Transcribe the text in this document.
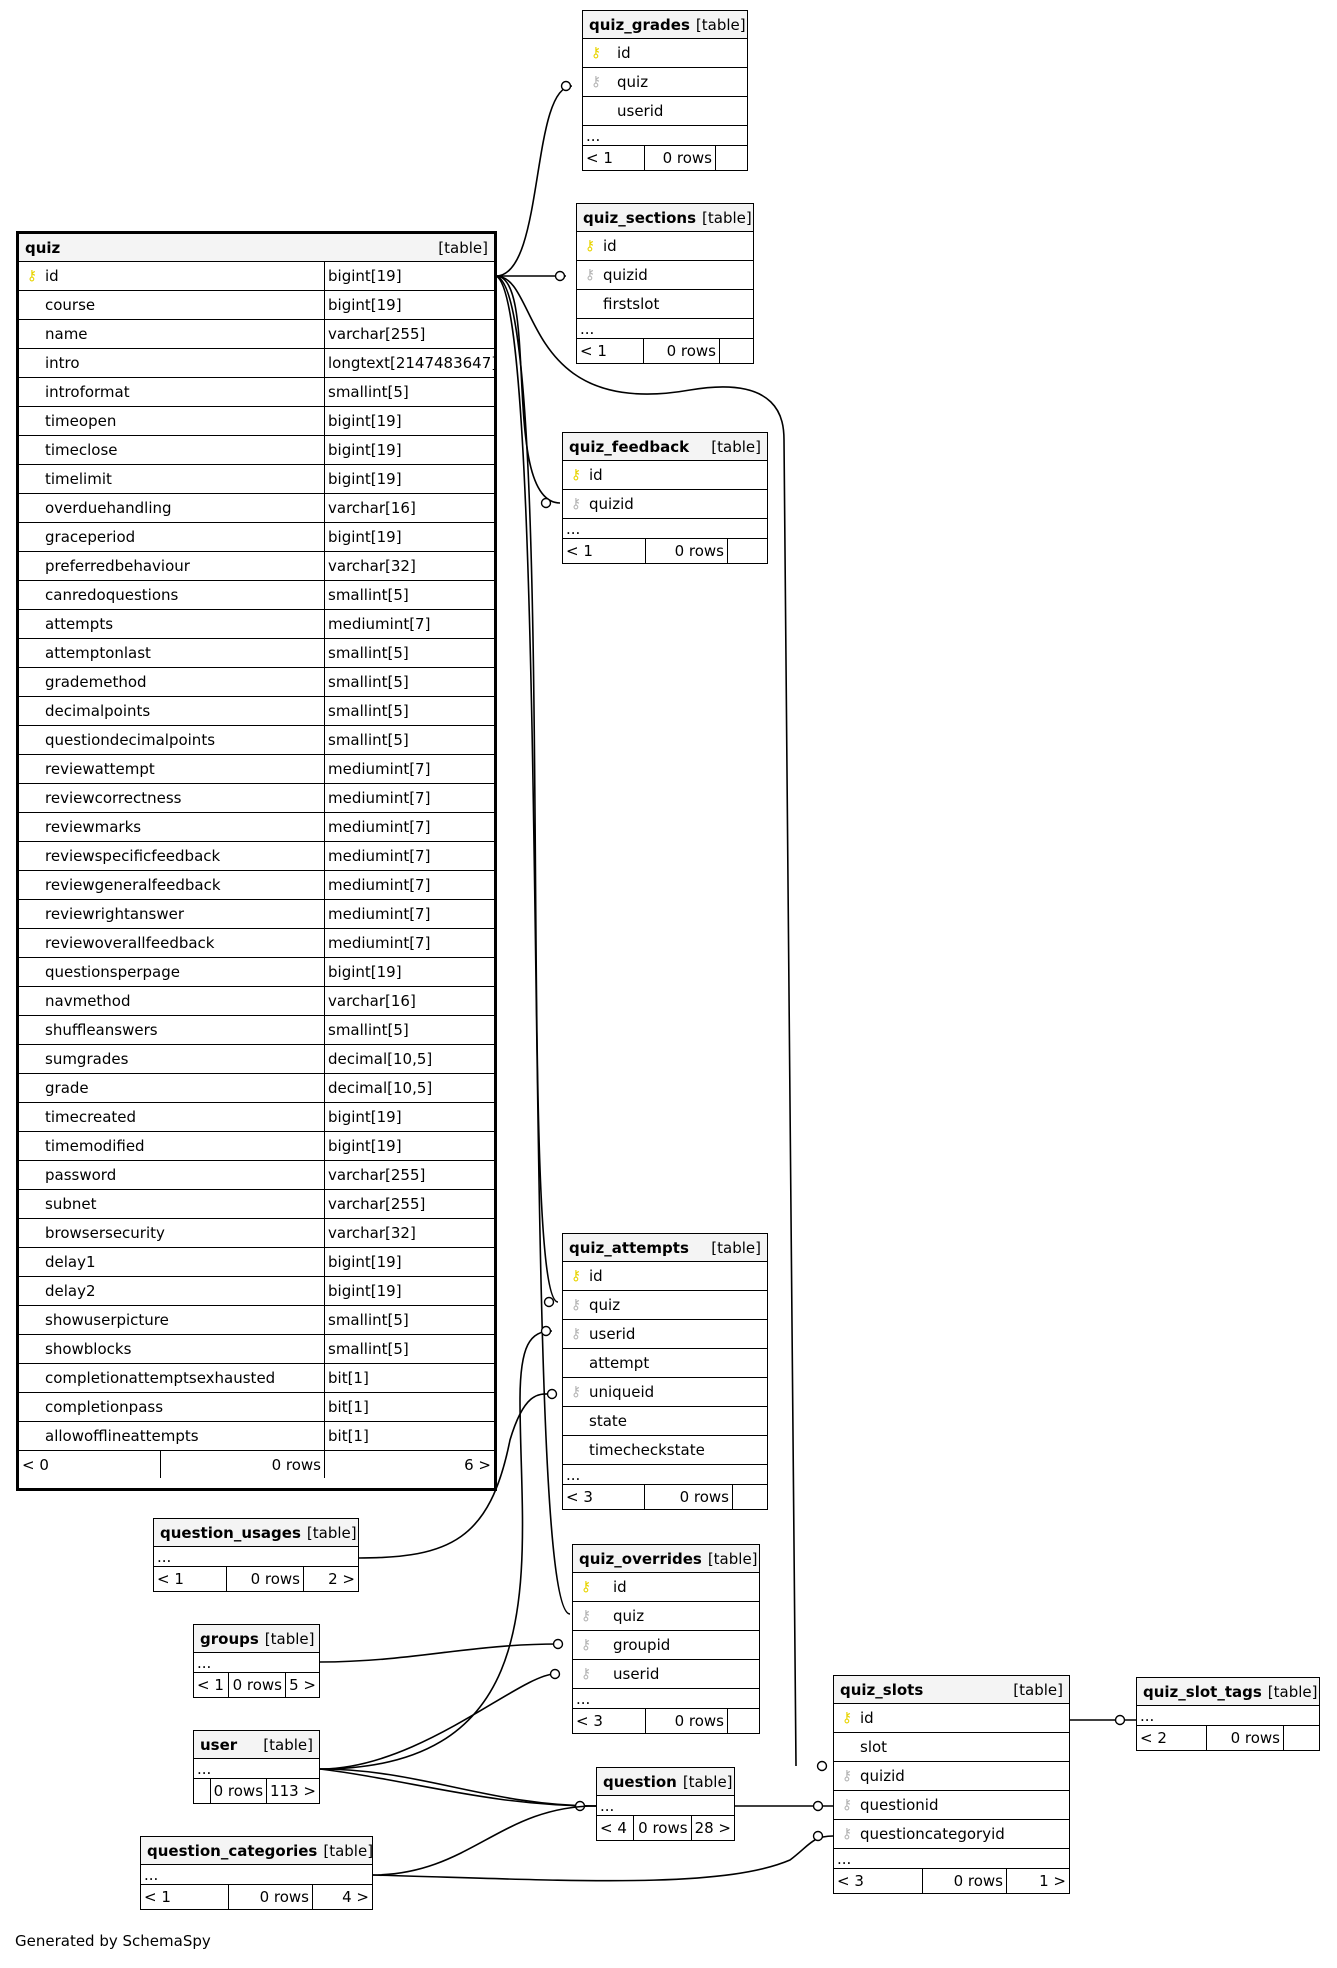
quiz	[table]
⚷ id	bigint[19]
course	bigint[19]
name	varchar[255]
intro	longtext[2147483647]
introformat	smallint[5]
timeopen	bigint[19]
timeclose	bigint[19]
timelimit	bigint[19]
overduehandling	varchar[16]
graceperiod	bigint[19]
preferredbehaviour	varchar[32]
canredoquestions	smallint[5]
attempts	mediumint[7]
attemptonlast	smallint[5]
grademethod	smallint[5]
decimalpoints	smallint[5]
questiondecimalpoints	smallint[5]
reviewattempt	mediumint[7]
reviewcorrectness	mediumint[7]
reviewmarks	mediumint[7]
reviewspecificfeedback	mediumint[7]
reviewgeneralfeedback	mediumint[7]
reviewrightanswer	mediumint[7]
reviewoverallfeedback	mediumint[7]
questionsperpage	bigint[19]
navmethod	varchar[16]
shuffleanswers	smallint[5]
sumgrades	decimal[10,5]
grade	decimal[10,5]
timecreated	bigint[19]
timemodified	bigint[19]
password	varchar[255]
subnet	varchar[255]
browsersecurity	varchar[32]
delay1	bigint[19]
delay2	bigint[19]
showuserpicture	smallint[5]
showblocks	smallint[5]
completionattemptsexhausted	bit[1]
completionpass	bit[1]
allowofflineattempts	bit[1]
< 0	0 rows	6 >
quiz_grades [table]
⚷	id
⚷	quiz
userid
...
< 1	0 rows
quiz_sections [table]
⚷ id
⚷ quizid
firstslot
...
< 1	0 rows
quiz_feedback	[table]
⚷ id
⚷ quizid
...
< 1	0 rows
quiz_attempts	[table]
⚷ id
⚷ quiz
⚷ userid
attempt
⚷ uniqueid
state
timecheckstate
...
< 3	0 rows
quiz_overrides [table]
⚷	id
⚷	quiz
⚷	groupid
⚷	userid
...
< 3	0 rows
quiz_slots	[table]
⚷ id
slot
⚷ quizid
⚷ questionid
⚷ questioncategoryid
...
< 3	0 rows	1 >
quiz_slot_tags [table]
...
< 2	0 rows
question_usages [table]
...
< 1	0 rows	2 >
groups [table]
...
< 1 0 rows 5 >
user	[table]
...
0 rows 113 >
question [table]
...
< 4 0 rows 28 >
question_categories [table]
...
< 1	0 rows	4 >
Generated by SchemaSpy
